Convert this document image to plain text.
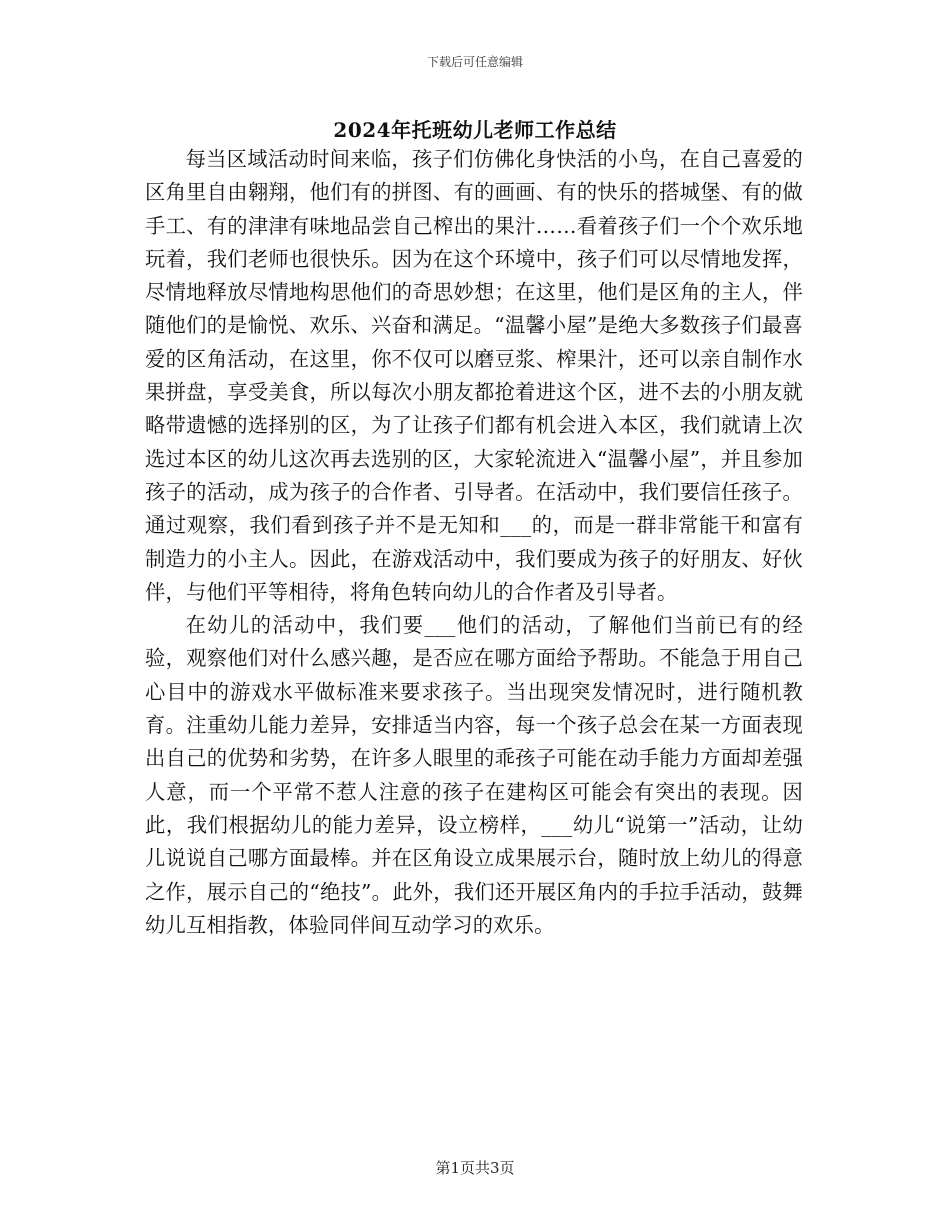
下载后可任意编辑
2024年托班幼儿老师工作总结

每当区域活动时间来临，孩子们仿佛化身快活的小鸟，在自己喜爱的区角里自由翱翔，他们有的拼图、有的画画、有的快乐的搭城堡、有的做手工、有的津津有味地品尝自己榨出的果汁……看着孩子们一个个欢乐地玩着，我们老师也很快乐。因为在这个环境中，孩子们可以尽情地发挥，尽情地释放尽情地构思他们的奇思妙想；在这里，他们是区角的主人，伴随他们的是愉悦、欢乐、兴奋和满足。“温馨小屋”是绝大多数孩子们最喜爱的区角活动，在这里，你不仅可以磨豆浆、榨果汁，还可以亲自制作水果拼盘，享受美食，所以每次小朋友都抢着进这个区，进不去的小朋友就略带遗憾的选择别的区，为了让孩子们都有机会进入本区，我们就请上次选过本区的幼儿这次再去选别的区，大家轮流进入“温馨小屋”，并且参加孩子的活动，成为孩子的合作者、引导者。在活动中，我们要信任孩子。通过观察，我们看到孩子并不是无知和___的，而是一群非常能干和富有制造力的小主人。因此，在游戏活动中，我们要成为孩子的好朋友、好伙伴，与他们平等相待，将角色转向幼儿的合作者及引导者。

在幼儿的活动中，我们要___他们的活动，了解他们当前已有的经验，观察他们对什么感兴趣，是否应在哪方面给予帮助。不能急于用自己心目中的游戏水平做标准来要求孩子。当出现突发情况时，进行随机教育。注重幼儿能力差异，安排适当内容，每一个孩子总会在某一方面表现出自己的优势和劣势，在许多人眼里的乖孩子可能在动手能力方面却差强人意，而一个平常不惹人注意的孩子在建构区可能会有突出的表现。因此，我们根据幼儿的能力差异，设立榜样，___幼儿“说第一”活动，让幼儿说说自己哪方面最棒。并在区角设立成果展示台，随时放上幼儿的得意之作，展示自己的“绝技”。此外，我们还开展区角内的手拉手活动，鼓舞幼儿互相指教，体验同伴间互动学习的欢乐。

第1页共3页
